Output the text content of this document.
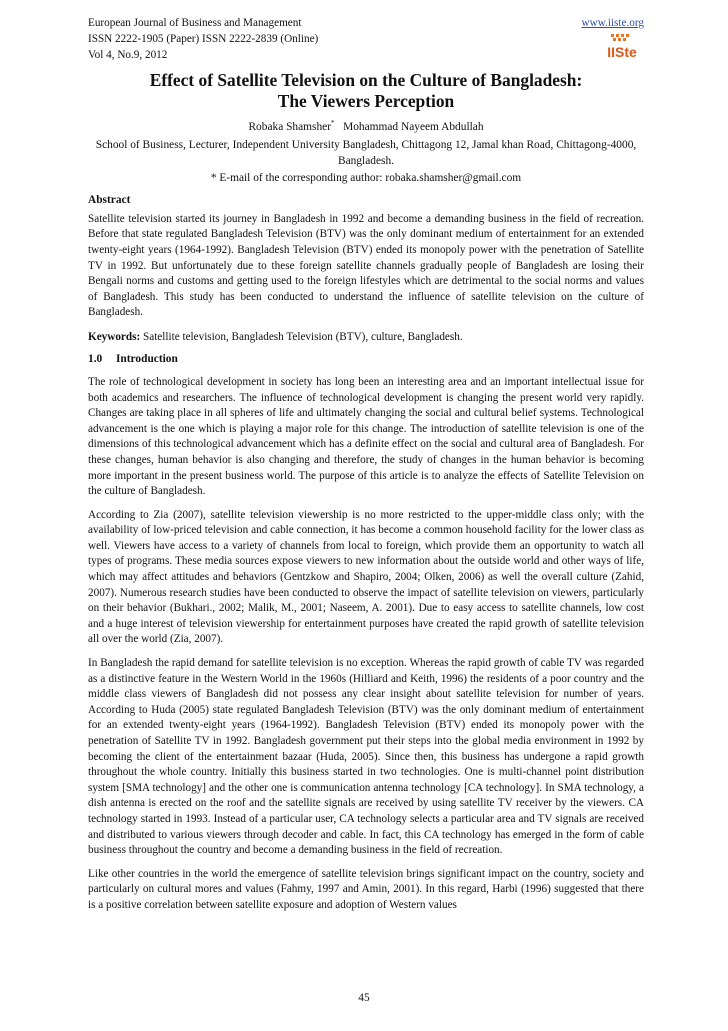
European Journal of Business and Management
ISSN 2222-1905 (Paper) ISSN 2222-2839 (Online)
Vol 4, No.9, 2012
www.iiste.org
IISte
Effect of Satellite Television on the Culture of Bangladesh:
The Viewers Perception
Robaka Shamsher* Mohammad Nayeem Abdullah
School of Business, Lecturer, Independent University Bangladesh, Chittagong 12, Jamal khan Road, Chittagong-4000, Bangladesh.
* E-mail of the corresponding author: robaka.shamsher@gmail.com
Abstract

Satellite television started its journey in Bangladesh in 1992 and become a demanding business in the field of recreation. Before that state regulated Bangladesh Television (BTV) was the only dominant medium of entertainment for an extended twenty-eight years (1964-1992). Bangladesh Television (BTV) ended its monopoly power with the penetration of Satellite TV in 1992. But unfortunately due to these foreign satellite channels gradually people of Bangladesh are losing their Bengali norms and customs and getting used to the foreign lifestyles which are detrimental to the social norms and values of Bangladesh. This study has been conducted to understand the influence of satellite television on the culture of Bangladesh.

Keywords: Satellite television, Bangladesh Television (BTV), culture, Bangladesh.

1.0 Introduction

The role of technological development in society has long been an interesting area and an important intellectual issue for both academics and researchers. The influence of technological development is changing the present world very rapidly. Changes are taking place in all spheres of life and ultimately changing the social and cultural belief systems. Technological advancement is the one which is playing a major role for this change. The introduction of satellite television is one of the dimensions of this technological advancement which has a definite effect on the social and cultural area of Bangladesh. For these changes, human behavior is also changing and therefore, the study of changes in the human behavior is becoming more important in the present business world. The purpose of this article is to analyze the effects of Satellite Television on the culture of Bangladesh.

According to Zia (2007), satellite television viewership is no more restricted to the upper-middle class only; with the availability of low-priced television and cable connection, it has become a common household facility for the lower class as well. Viewers have access to a variety of channels from local to foreign, which provide them an opportunity to watch all types of programs. These media sources expose viewers to new information about the outside world and other ways of life, which may affect attitudes and behaviors (Gentzkow and Shapiro, 2004; Olken, 2006) as well the overall culture (Zahid, 2007). Numerous research studies have been conducted to observe the impact of satellite television on viewers, particularly on their behavior (Bukhari., 2002; Malik, M., 2001; Naseem, A. 2001). Due to easy access to satellite channels, low cost and a huge interest of television viewership for entertainment purposes have created the rapid growth of satellite television all over the world (Zia, 2007).

In Bangladesh the rapid demand for satellite television is no exception. Whereas the rapid growth of cable TV was regarded as a distinctive feature in the Western World in the 1960s (Hilliard and Keith, 1996) the residents of a poor country and the middle class viewers of Bangladesh did not possess any clear insight about satellite television for number of years. According to Huda (2005) state regulated Bangladesh Television (BTV) was the only dominant medium of entertainment for an extended twenty-eight years (1964-1992). Bangladesh Television (BTV) ended its monopoly power with the penetration of Satellite TV in 1992. Bangladesh government put their steps into the global media environment in 1992 by becoming the client of the entertainment bazaar (Huda, 2005). Since then, this business has undergone a rapid growth throughout the whole country. Initially this business started in two technologies. One is multi-channel point distribution system [SMA technology] and the other one is communication antenna technology [CA technology]. In SMA technology, a dish antenna is erected on the roof and the satellite signals are received by using satellite TV receiver by the viewers. CA technology started in 1993. Instead of a particular user, CA technology selects a particular area and TV signals are received and distributed to various viewers through decoder and cable. In fact, this CA technology has emerged in the form of cable business throughout the country and become a demanding business in the field of recreation.

Like other countries in the world the emergence of satellite television brings significant impact on the country, society and particularly on cultural mores and values (Fahmy, 1997 and Amin, 2001). In this regard, Harbi (1996) suggested that there is a positive correlation between satellite exposure and adoption of Western values

45
